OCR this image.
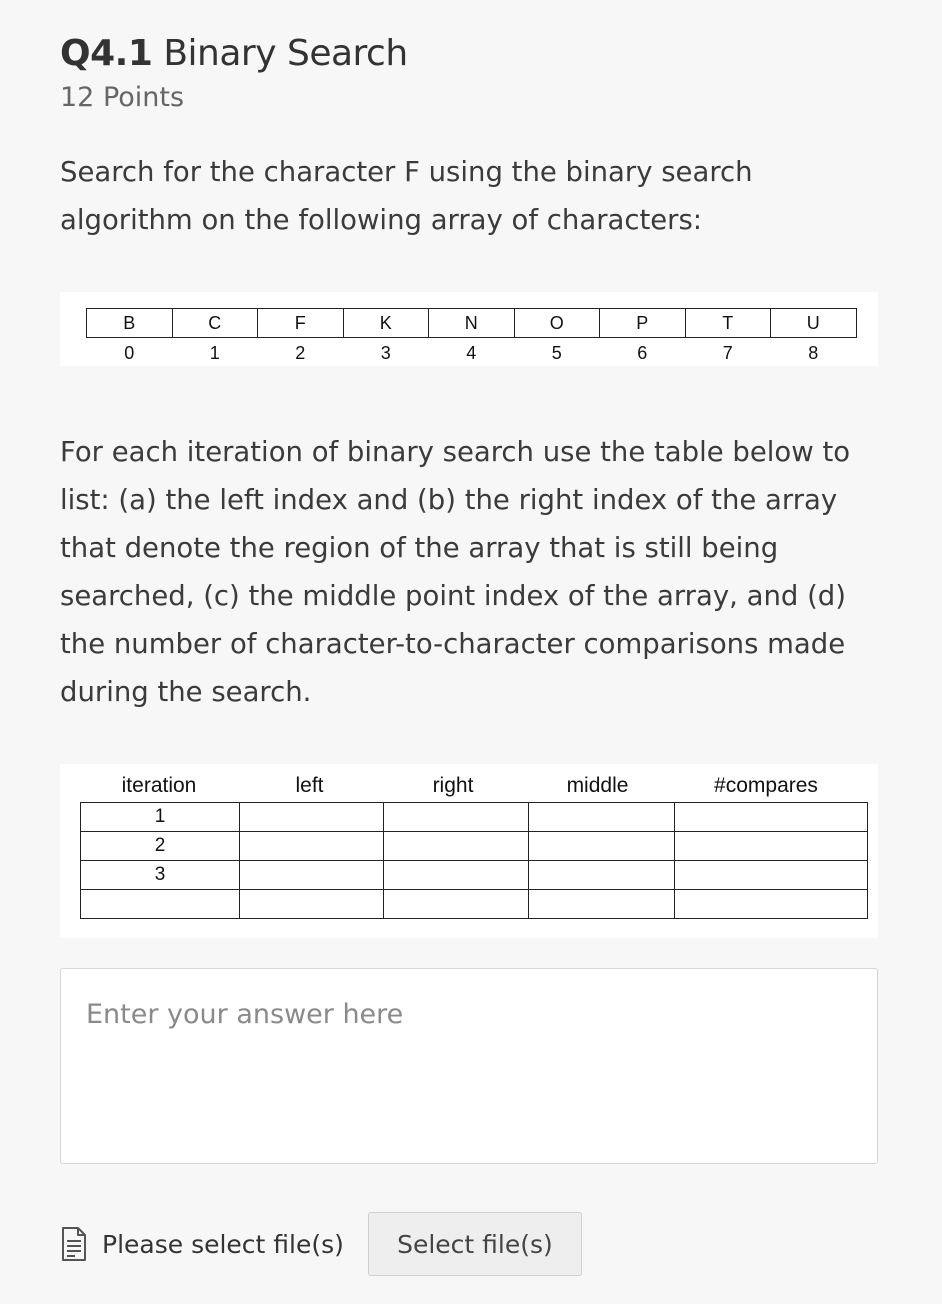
Q4.1 Binary Search
12 Points

Search for the character F using the binary search algorithm on the following array of characters:

B	C	F	K	N	O	P	T	U
0	1	2	3	4	5	6	7	8

For each iteration of binary search use the table below to list: (a) the left index and (b) the right index of the array that denote the region of the array that is still being searched, (c) the middle point index of the array, and (d) the number of character-to-character comparisons made during the search.

iteration	left	right	middle	#compares
1				
2				
3				

Enter your answer here
Please select file(s)	Select file(s)
